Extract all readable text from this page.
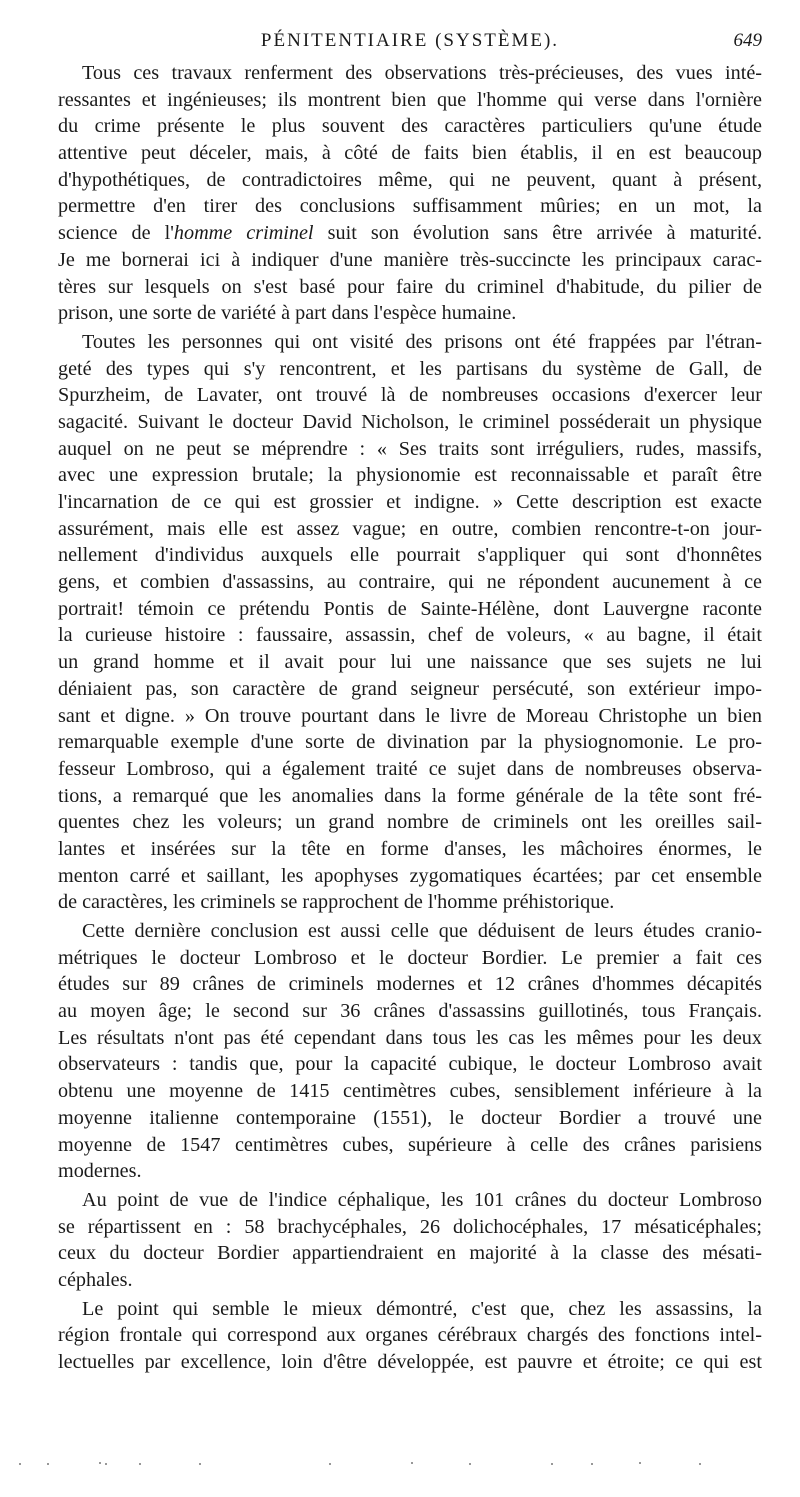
PÉNITENTIAIRE (SYSTÈME).	649
Tous ces travaux renferment des observations très-précieuses, des vues inté-
ressantes et ingénieuses; ils montrent bien que l'homme qui verse dans l'ornière
du crime présente le plus souvent des caractères particuliers qu'une étude
attentive peut déceler, mais, à côté de faits bien établis, il en est beaucoup
d'hypothétiques, de contradictoires même, qui ne peuvent, quant à présent,
permettre d'en tirer des conclusions suffisamment mûries; en un mot, la
science de l'homme criminel suit son évolution sans être arrivée à maturité.
Je me bornerai ici à indiquer d'une manière très-succincte les principaux carac-
tères sur lesquels on s'est basé pour faire du criminel d'habitude, du pilier de
prison, une sorte de variété à part dans l'espèce humaine.
Toutes les personnes qui ont visité des prisons ont été frappées par l'étran-
geté des types qui s'y rencontrent, et les partisans du système de Gall, de
Spurzheim, de Lavater, ont trouvé là de nombreuses occasions d'exercer leur
sagacité. Suivant le docteur David Nicholson, le criminel posséderait un physique
auquel on ne peut se méprendre : « Ses traits sont irréguliers, rudes, massifs,
avec une expression brutale; la physionomie est reconnaissable et paraît être
l'incarnation de ce qui est grossier et indigne. » Cette description est exacte
assurément, mais elle est assez vague; en outre, combien rencontre-t-on jour-
nellement d'individus auxquels elle pourrait s'appliquer qui sont d'honnêtes
gens, et combien d'assassins, au contraire, qui ne répondent aucunement à ce
portrait! témoin ce prétendu Pontis de Sainte-Hélène, dont Lauvergne raconte
la curieuse histoire : faussaire, assassin, chef de voleurs, « au bagne, il était
un grand homme et il avait pour lui une naissance que ses sujets ne lui
déniaient pas, son caractère de grand seigneur persécuté, son extérieur impo-
sant et digne. » On trouve pourtant dans le livre de Moreau Christophe un bien
remarquable exemple d'une sorte de divination par la physiognomonie. Le pro-
fesseur Lombroso, qui a également traité ce sujet dans de nombreuses observa-
tions, a remarqué que les anomalies dans la forme générale de la tête sont fré-
quentes chez les voleurs; un grand nombre de criminels ont les oreilles sail-
lantes et insérées sur la tête en forme d'anses, les mâchoires énormes, le
menton carré et saillant, les apophyses zygomatiques écartées; par cet ensemble
de caractères, les criminels se rapprochent de l'homme préhistorique.
Cette dernière conclusion est aussi celle que déduisent de leurs études cranio-
métriques le docteur Lombroso et le docteur Bordier. Le premier a fait ces
études sur 89 crânes de criminels modernes et 12 crânes d'hommes décapités
au moyen âge; le second sur 36 crânes d'assassins guillotinés, tous Français.
Les résultats n'ont pas été cependant dans tous les cas les mêmes pour les deux
observateurs : tandis que, pour la capacité cubique, le docteur Lombroso avait
obtenu une moyenne de 1415 centimètres cubes, sensiblement inférieure à la
moyenne italienne contemporaine (1551), le docteur Bordier a trouvé une
moyenne de 1547 centimètres cubes, supérieure à celle des crânes parisiens
modernes.
Au point de vue de l'indice céphalique, les 101 crânes du docteur Lombroso
se répartissent en : 58 brachycéphales, 26 dolichocéphales, 17 mésaticéphales;
ceux du docteur Bordier appartiendraient en majorité à la classe des mésati-
céphales.
Le point qui semble le mieux démontré, c'est que, chez les assassins, la
région frontale qui correspond aux organes cérébraux chargés des fonctions intel-
lectuelles par excellence, loin d'être développée, est pauvre et étroite; ce qui est
